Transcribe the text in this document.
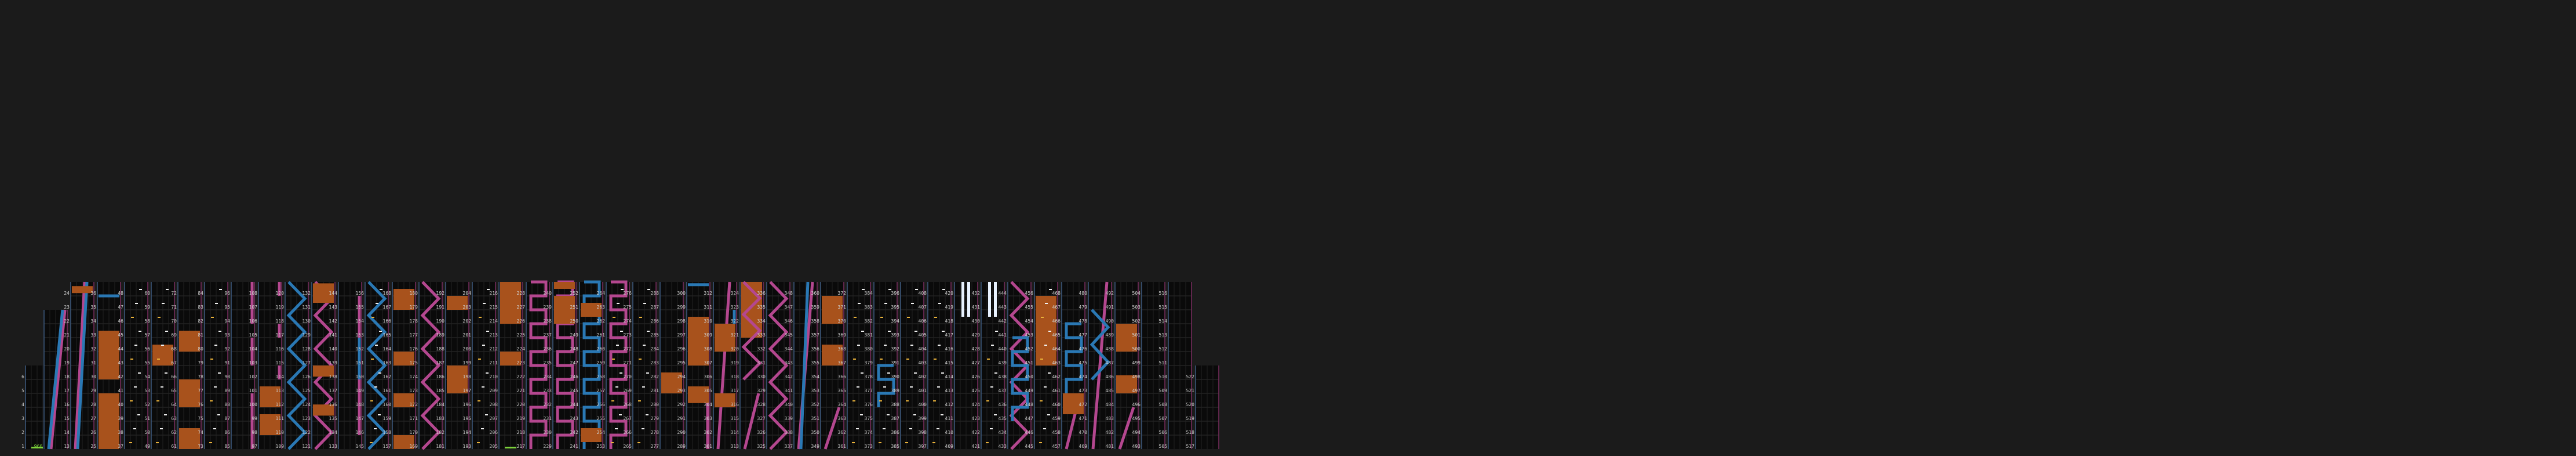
1
2
3
4
5
6
966	13
14
15
16
17
18
19
20
21
22
23
24
25
26
27
28
29
30
31
32
33
34
35
36
37
38
39
40
41
42
43
44
45
46
47
48
49
50
51
52
53
54
55
56
57
58
59
60
61
62
63
64
65
66
67
68
69
70
71
72
73
74
75
76
77
78
79
80
81
82
83
84
85
86
87
88
89
90
91
92
93
94
95
96
97
98
99
100
101
102
103
104
105
106
107
108
109
110
111
112
113
114
115
116
117
118
119
120
121
122
123
124
125
126
127
128
129
130
131
132
133
134
135
136
137
138
139
140
141
142
143
144
145
146
147
148
149
150
151
152
153
154
155
156
157
158
159
160
161
162
163
164
165
166
167
168
169
170
171
172
173
174
175
176
177
178
179
180
181
182
183
184
185
186
187
188
189
190
191
192
193
194
195
196
197
198
199
200
201
202
203
204
205
206
207
208
209
210
211
212
213
214
215
216
217
218
219
220
221
222
223
224
225
226
227
228
229
230
231
232
233
234
235
236
237
238
239
240
241
242
243
244
245
246
247
248
249
250
251
252
253
254
255
256
257
258
259
260
261
262
263
264
265
266
267
268
269
270
271
272
273
274
275
276
277
278
279
280
281
282
283
284
285
286
287
288
289
290
291
292
293
294
295
296
297
298
299
300
301
302
303
304
305
306
307
308
309
310
311
312
313
314
315
316
317
318
319
320
321
322
323
324
325
326
327
328
329
330
331
332
333
334
335
336
337
338
339
340
341
342
343
344
345
346
347
348
349
350
351
352
353
354
355
356
357
358
359
360
361
362
363
364
365
366
367
368
369
370
371
372
373
374
375
376
377
378
379
380
381
382
383
384
385
386
387
388
389
390
391
392
393
394
395
396
397
398
399
400
401
402
403
404
405
406
407
408
409
410
411
412
413
414
415
416
417
418
419
420
421
422
423
424
425
426
427
428
429
430
431
432
433
434
435
436
437
438
439
440
441
442
443
444
445
446
447
448
449
450
451
452
453
454
455
456
457
458
459
460
461
462
463
464
465
466
467
468
469
470
471
472
473
474
475
476
477
478
479
480
481
482
483
484
485
486
487
488
489
490
491
492
493
494
495
496
497
498
499
500
501
502
503
504
505
506
507
508
509
510
511
512
513
514
515
516
517
518
519
520
521
522
